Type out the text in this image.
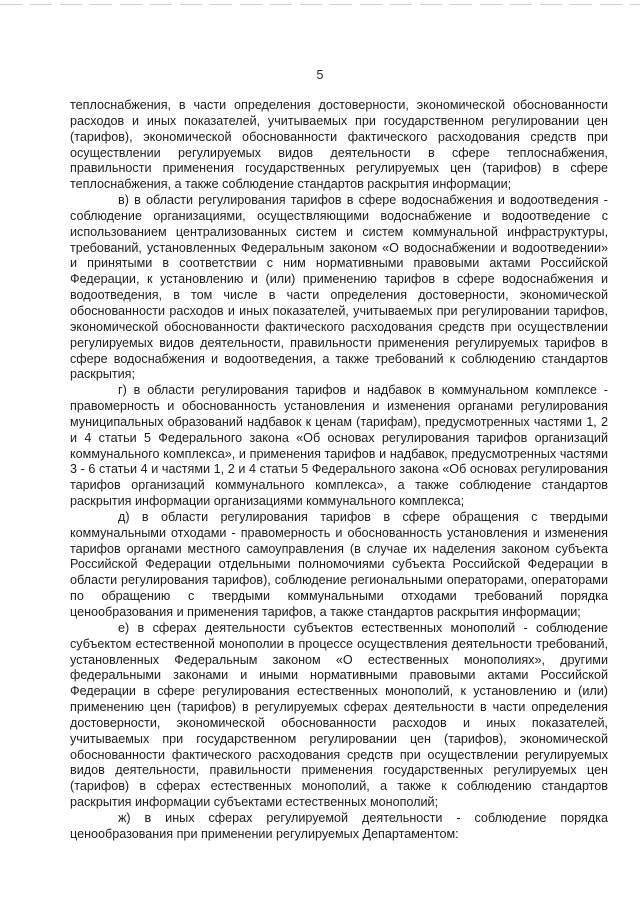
5

теплоснабжения, в части определения достоверности, экономической обоснованности расходов и иных показателей, учитываемых при государственном регулировании цен (тарифов), экономической обоснованности фактического расходования средств при осуществлении регулируемых видов деятельности в сфере теплоснабжения, правильности применения государственных регулируемых цен (тарифов) в сфере теплоснабжения, а также соблюдение стандартов раскрытия информации;

в) в области регулирования тарифов в сфере водоснабжения и водоотведения - соблюдение организациями, осуществляющими водоснабжение и водоотведение с использованием централизованных систем и систем коммунальной инфраструктуры, требований, установленных Федеральным законом «О водоснабжении и водоотведении» и принятыми в соответствии с ним нормативными правовыми актами Российской Федерации, к установлению и (или) применению тарифов в сфере водоснабжения и водоотведения, в том числе в части определения достоверности, экономической обоснованности расходов и иных показателей, учитываемых при регулировании тарифов, экономической обоснованности фактического расходования средств при осуществлении регулируемых видов деятельности, правильности применения регулируемых тарифов в сфере водоснабжения и водоотведения, а также требований к соблюдению стандартов раскрытия;

г) в области регулирования тарифов и надбавок в коммунальном комплексе - правомерность и обоснованность установления и изменения органами регулирования муниципальных образований надбавок к ценам (тарифам), предусмотренных частями 1, 2 и 4 статьи 5 Федерального закона «Об основах регулирования тарифов организаций коммунального комплекса», и применения тарифов и надбавок, предусмотренных частями 3 - 6 статьи 4 и частями 1, 2 и 4 статьи 5 Федерального закона «Об основах регулирования тарифов организаций коммунального комплекса», а также соблюдение стандартов раскрытия информации организациями коммунального комплекса;

д) в области регулирования тарифов в сфере обращения с твердыми коммунальными отходами - правомерность и обоснованность установления и изменения тарифов органами местного самоуправления (в случае их наделения законом субъекта Российской Федерации отдельными полномочиями субъекта Российской Федерации в области регулирования тарифов), соблюдение региональными операторами, операторами по обращению с твердыми коммунальными отходами требований порядка ценообразования и применения тарифов, а также стандартов раскрытия информации;

е) в сферах деятельности субъектов естественных монополий - соблюдение субъектом естественной монополии в процессе осуществления деятельности требований, установленных Федеральным законом «О естественных монополиях», другими федеральными законами и иными нормативными правовыми актами Российской Федерации в сфере регулирования естественных монополий, к установлению и (или) применению цен (тарифов) в регулируемых сферах деятельности в части определения достоверности, экономической обоснованности расходов и иных показателей, учитываемых при государственном регулировании цен (тарифов), экономической обоснованности фактического расходования средств при осуществлении регулируемых видов деятельности, правильности применения государственных регулируемых цен (тарифов) в сферах естественных монополий, а также к соблюдению стандартов раскрытия информации субъектами естественных монополий;

ж) в иных сферах регулируемой деятельности - соблюдение порядка ценообразования при применении регулируемых Департаментом:
